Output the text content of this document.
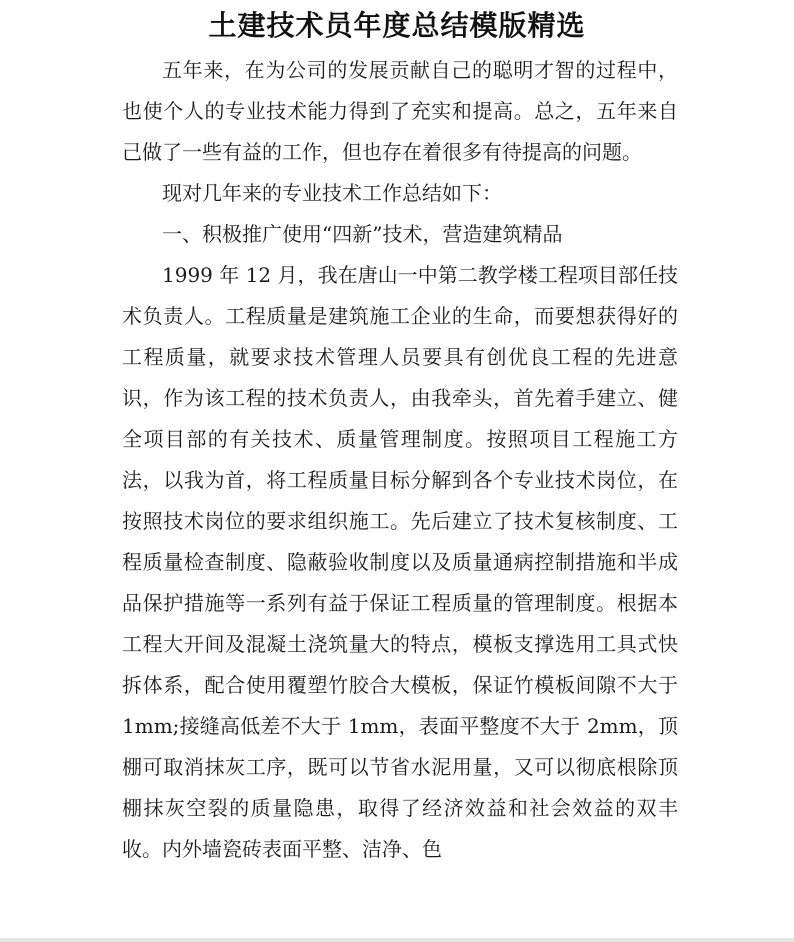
土建技术员年度总结模版精选

五年来，在为公司的发展贡献自己的聪明才智的过程中，也使个人的专业技术能力得到了充实和提高。总之，五年来自己做了一些有益的工作，但也存在着很多有待提高的问题。

现对几年来的专业技术工作总结如下：

一、积极推广使用“四新”技术，营造建筑精品

1999 年 12 月，我在唐山一中第二教学楼工程项目部任技术负责人。工程质量是建筑施工企业的生命，而要想获得好的工程质量，就要求技术管理人员要具有创优良工程的先进意识，作为该工程的技术负责人，由我牵头，首先着手建立、健全项目部的有关技术、质量管理制度。按照项目工程施工方法，以我为首，将工程质量目标分解到各个专业技术岗位，在按照技术岗位的要求组织施工。先后建立了技术复核制度、工程质量检查制度、隐蔽验收制度以及质量通病控制措施和半成品保护措施等一系列有益于保证工程质量的管理制度。根据本工程大开间及混凝土浇筑量大的特点，模板支撑选用工具式快拆体系，配合使用覆塑竹胶合大模板，保证竹模板间隙不大于 1mm;接缝高低差不大于 1mm，表面平整度不大于 2mm，顶棚可取消抹灰工序，既可以节省水泥用量，又可以彻底根除顶棚抹灰空裂的质量隐患，取得了经济效益和社会效益的双丰收。内外墙瓷砖表面平整、洁净、色
